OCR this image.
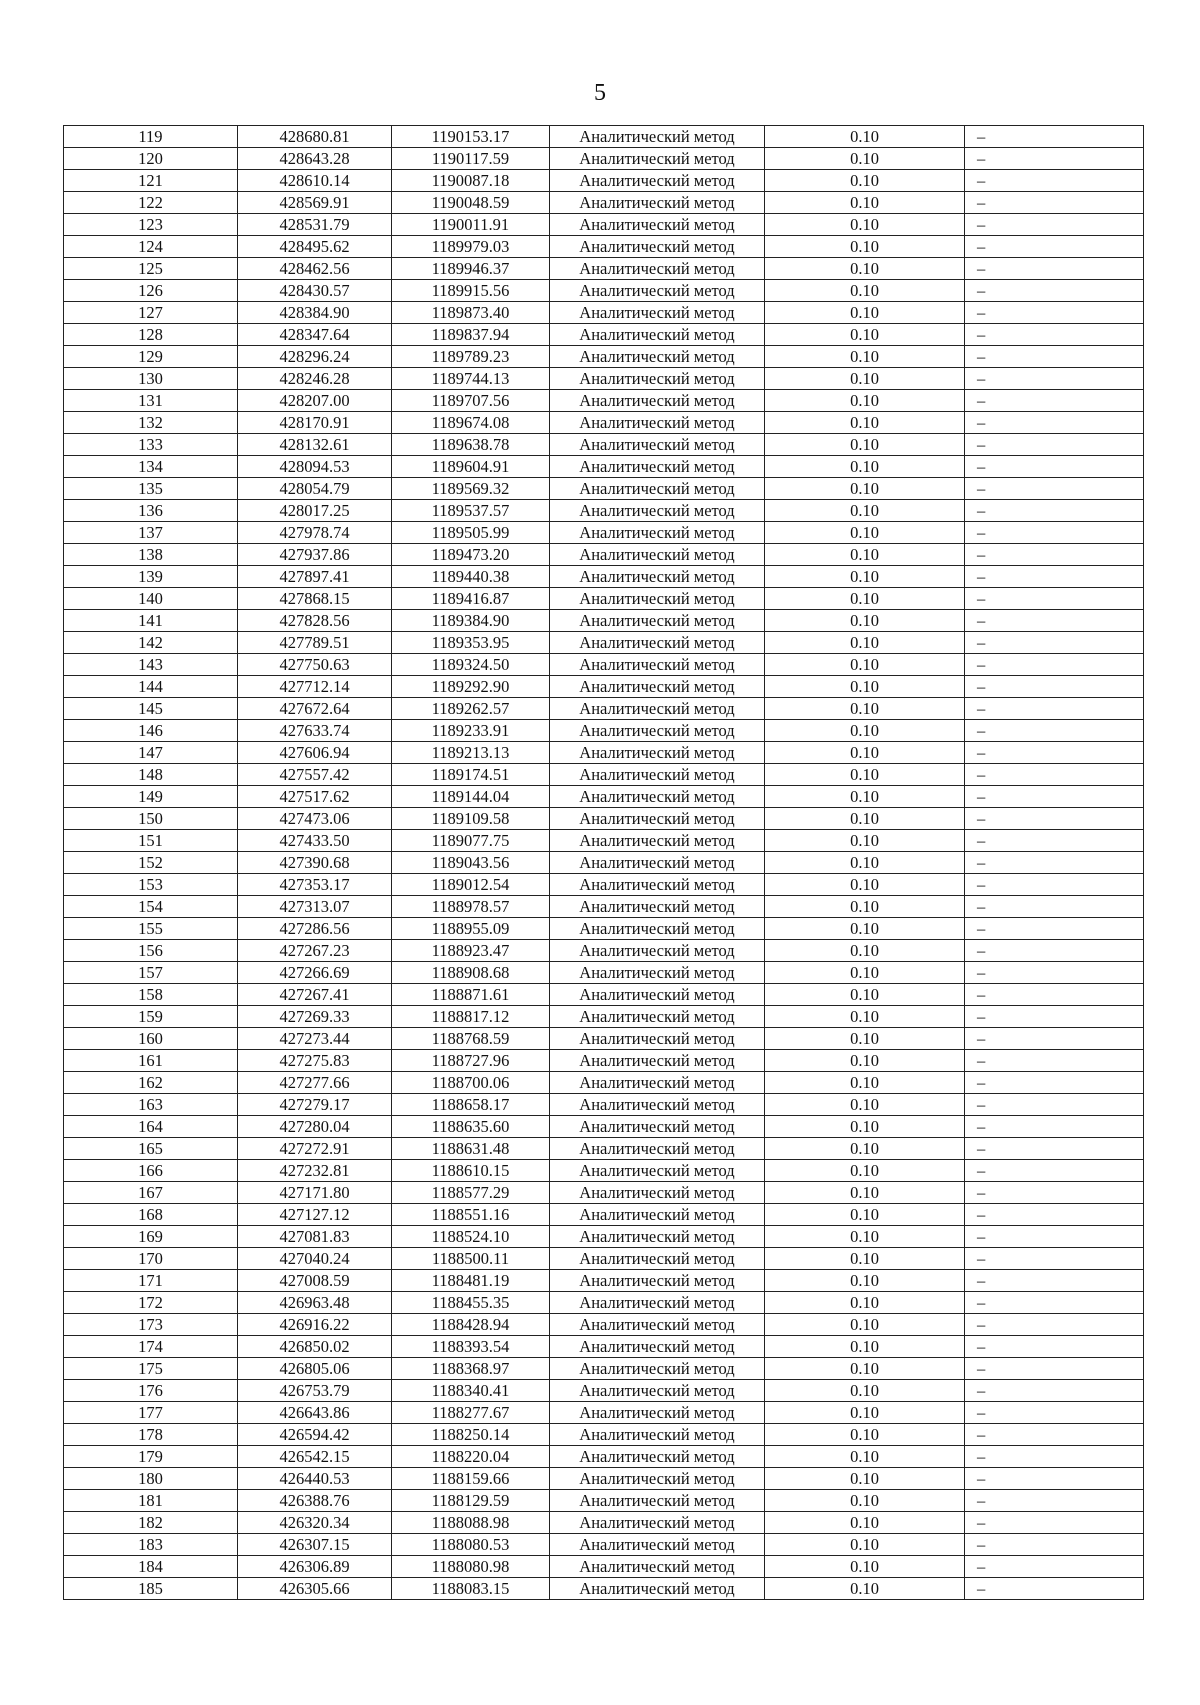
5
119	428680.81	1190153.17	Аналитический метод	0.10	–
120	428643.28	1190117.59	Аналитический метод	0.10	–
121	428610.14	1190087.18	Аналитический метод	0.10	–
122	428569.91	1190048.59	Аналитический метод	0.10	–
123	428531.79	1190011.91	Аналитический метод	0.10	–
124	428495.62	1189979.03	Аналитический метод	0.10	–
125	428462.56	1189946.37	Аналитический метод	0.10	–
126	428430.57	1189915.56	Аналитический метод	0.10	–
127	428384.90	1189873.40	Аналитический метод	0.10	–
128	428347.64	1189837.94	Аналитический метод	0.10	–
129	428296.24	1189789.23	Аналитический метод	0.10	–
130	428246.28	1189744.13	Аналитический метод	0.10	–
131	428207.00	1189707.56	Аналитический метод	0.10	–
132	428170.91	1189674.08	Аналитический метод	0.10	–
133	428132.61	1189638.78	Аналитический метод	0.10	–
134	428094.53	1189604.91	Аналитический метод	0.10	–
135	428054.79	1189569.32	Аналитический метод	0.10	–
136	428017.25	1189537.57	Аналитический метод	0.10	–
137	427978.74	1189505.99	Аналитический метод	0.10	–
138	427937.86	1189473.20	Аналитический метод	0.10	–
139	427897.41	1189440.38	Аналитический метод	0.10	–
140	427868.15	1189416.87	Аналитический метод	0.10	–
141	427828.56	1189384.90	Аналитический метод	0.10	–
142	427789.51	1189353.95	Аналитический метод	0.10	–
143	427750.63	1189324.50	Аналитический метод	0.10	–
144	427712.14	1189292.90	Аналитический метод	0.10	–
145	427672.64	1189262.57	Аналитический метод	0.10	–
146	427633.74	1189233.91	Аналитический метод	0.10	–
147	427606.94	1189213.13	Аналитический метод	0.10	–
148	427557.42	1189174.51	Аналитический метод	0.10	–
149	427517.62	1189144.04	Аналитический метод	0.10	–
150	427473.06	1189109.58	Аналитический метод	0.10	–
151	427433.50	1189077.75	Аналитический метод	0.10	–
152	427390.68	1189043.56	Аналитический метод	0.10	–
153	427353.17	1189012.54	Аналитический метод	0.10	–
154	427313.07	1188978.57	Аналитический метод	0.10	–
155	427286.56	1188955.09	Аналитический метод	0.10	–
156	427267.23	1188923.47	Аналитический метод	0.10	–
157	427266.69	1188908.68	Аналитический метод	0.10	–
158	427267.41	1188871.61	Аналитический метод	0.10	–
159	427269.33	1188817.12	Аналитический метод	0.10	–
160	427273.44	1188768.59	Аналитический метод	0.10	–
161	427275.83	1188727.96	Аналитический метод	0.10	–
162	427277.66	1188700.06	Аналитический метод	0.10	–
163	427279.17	1188658.17	Аналитический метод	0.10	–
164	427280.04	1188635.60	Аналитический метод	0.10	–
165	427272.91	1188631.48	Аналитический метод	0.10	–
166	427232.81	1188610.15	Аналитический метод	0.10	–
167	427171.80	1188577.29	Аналитический метод	0.10	–
168	427127.12	1188551.16	Аналитический метод	0.10	–
169	427081.83	1188524.10	Аналитический метод	0.10	–
170	427040.24	1188500.11	Аналитический метод	0.10	–
171	427008.59	1188481.19	Аналитический метод	0.10	–
172	426963.48	1188455.35	Аналитический метод	0.10	–
173	426916.22	1188428.94	Аналитический метод	0.10	–
174	426850.02	1188393.54	Аналитический метод	0.10	–
175	426805.06	1188368.97	Аналитический метод	0.10	–
176	426753.79	1188340.41	Аналитический метод	0.10	–
177	426643.86	1188277.67	Аналитический метод	0.10	–
178	426594.42	1188250.14	Аналитический метод	0.10	–
179	426542.15	1188220.04	Аналитический метод	0.10	–
180	426440.53	1188159.66	Аналитический метод	0.10	–
181	426388.76	1188129.59	Аналитический метод	0.10	–
182	426320.34	1188088.98	Аналитический метод	0.10	–
183	426307.15	1188080.53	Аналитический метод	0.10	–
184	426306.89	1188080.98	Аналитический метод	0.10	–
185	426305.66	1188083.15	Аналитический метод	0.10	–
